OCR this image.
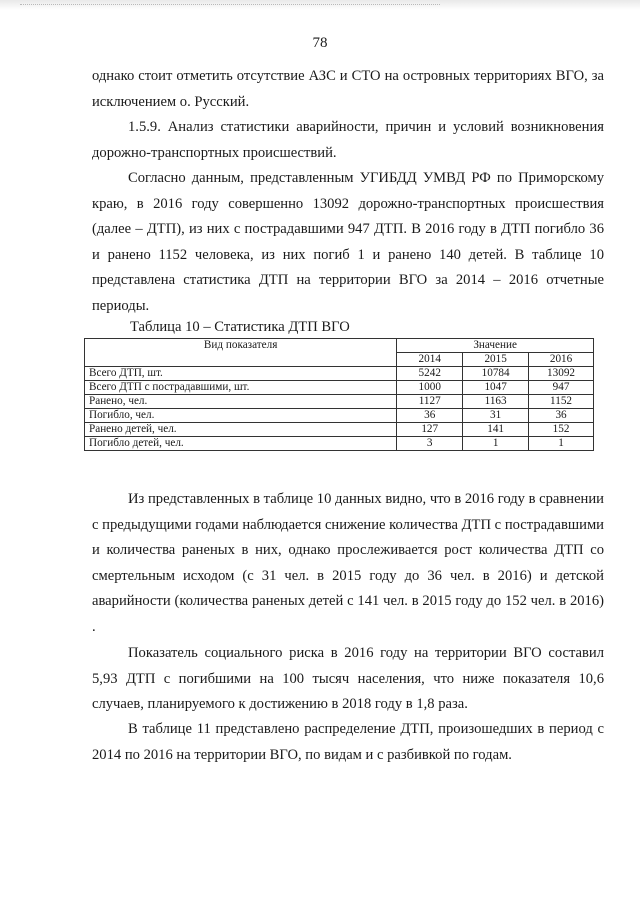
78

однако стоит отметить отсутствие АЗС и СТО на островных территориях ВГО, за исключением о. Русский.

1.5.9. Анализ статистики аварийности, причин и условий возникновения дорожно-транспортных происшествий.

Согласно данным, представленным УГИБДД УМВД РФ по Приморскому краю, в 2016 году совершенно 13092 дорожно-транспортных происшествия (далее – ДТП), из них с пострадавшими 947 ДТП. В 2016 году в ДТП погибло 36 и ранено 1152 человека, из них погиб 1 и ранено 140 детей. В таблице 10 представлена статистика ДТП на территории ВГО за 2014 – 2016 отчетные периоды.

Таблица 10 – Статистика ДТП ВГО
Вид показателя	Значение		
	2014	2015	2016
Всего ДТП, шт.	5242	10784	13092
Всего ДТП с пострадавшими, шт.	1000	1047	947
Ранено, чел.	1127	1163	1152
Погибло, чел.	36	31	36
Ранено детей, чел.	127	141	152
Погибло детей, чел.	3	1	1

Из представленных в таблице 10 данных видно, что в 2016 году в сравнении с предыдущими годами наблюдается снижение количества ДТП с пострадавшими и количества раненых в них, однако прослеживается рост количества ДТП со смертельным исходом (с 31 чел. в 2015 году до 36 чел. в 2016) и детской аварийности (количества раненых детей с 141 чел. в 2015 году до 152 чел. в 2016) .

Показатель социального риска в 2016 году на территории ВГО составил 5,93 ДТП с погибшими на 100 тысяч населения, что ниже показателя 10,6 случаев, планируемого к достижению в 2018 году в 1,8 раза.

В таблице 11 представлено распределение ДТП, произошедших в период с 2014 по 2016 на территории ВГО, по видам и с разбивкой по годам.
